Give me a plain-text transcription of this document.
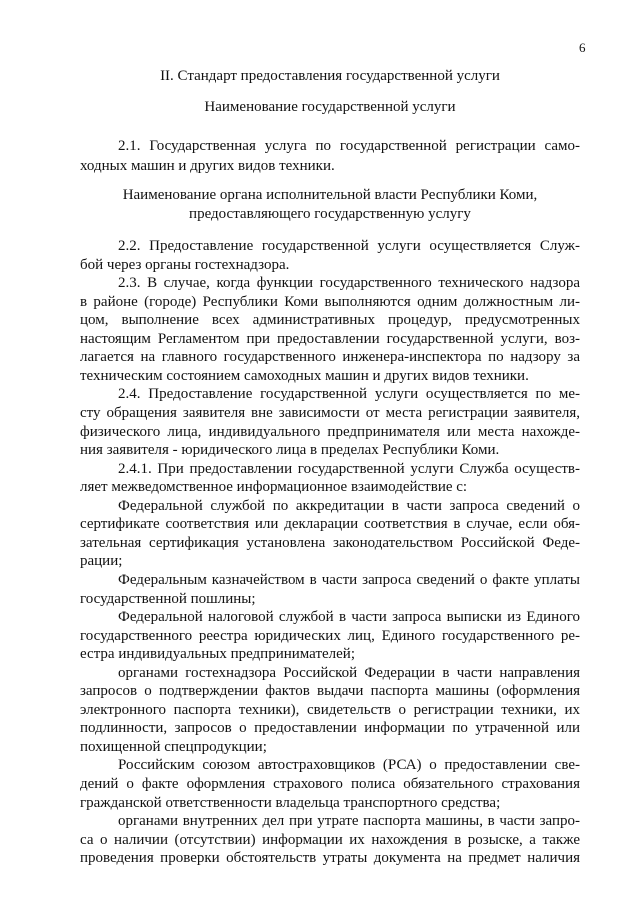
6
II. Стандарт предоставления государственной услуги
Наименование государственной услуги
2.1. Государственная услуга по государственной регистрации само-
ходных машин и других видов техники.
Наименование органа исполнительной власти Республики Коми,
предоставляющего государственную услугу
2.2. Предоставление государственной услуги осуществляется Служ-
бой через органы гостехнадзора.
2.3. В случае, когда функции государственного технического надзора
в районе (городе) Республики Коми выполняются одним должностным ли-
цом, выполнение всех административных процедур, предусмотренных
настоящим Регламентом при предоставлении государственной услуги, воз-
лагается на главного государственного инженера-инспектора по надзору за
техническим состоянием самоходных машин и других видов техники.
2.4. Предоставление государственной услуги осуществляется по ме-
сту обращения заявителя вне зависимости от места регистрации заявителя,
физического лица, индивидуального предпринимателя или места нахожде-
ния заявителя - юридического лица в пределах Республики Коми.
2.4.1. При предоставлении государственной услуги Служба осуществ-
ляет межведомственное информационное взаимодействие с:
Федеральной службой по аккредитации в части запроса сведений о
сертификате соответствия или декларации соответствия в случае, если обя-
зательная сертификация установлена законодательством Российской Феде-
рации;
Федеральным казначейством в части запроса сведений о факте уплаты
государственной пошлины;
Федеральной налоговой службой в части запроса выписки из Единого
государственного реестра юридических лиц, Единого государственного ре-
естра индивидуальных предпринимателей;
органами гостехнадзора Российской Федерации в части направления
запросов о подтверждении фактов выдачи паспорта машины (оформления
электронного паспорта техники), свидетельств о регистрации техники, их
подлинности, запросов о предоставлении информации по утраченной или
похищенной спецпродукции;
Российским союзом автостраховщиков (РСА) о предоставлении све-
дений о факте оформления страхового полиса обязательного страхования
гражданской ответственности владельца транспортного средства;
органами внутренних дел при утрате паспорта машины, в части запро-
са о наличии (отсутствии) информации их нахождения в розыске, а также
проведения проверки обстоятельств утраты документа на предмет наличия
